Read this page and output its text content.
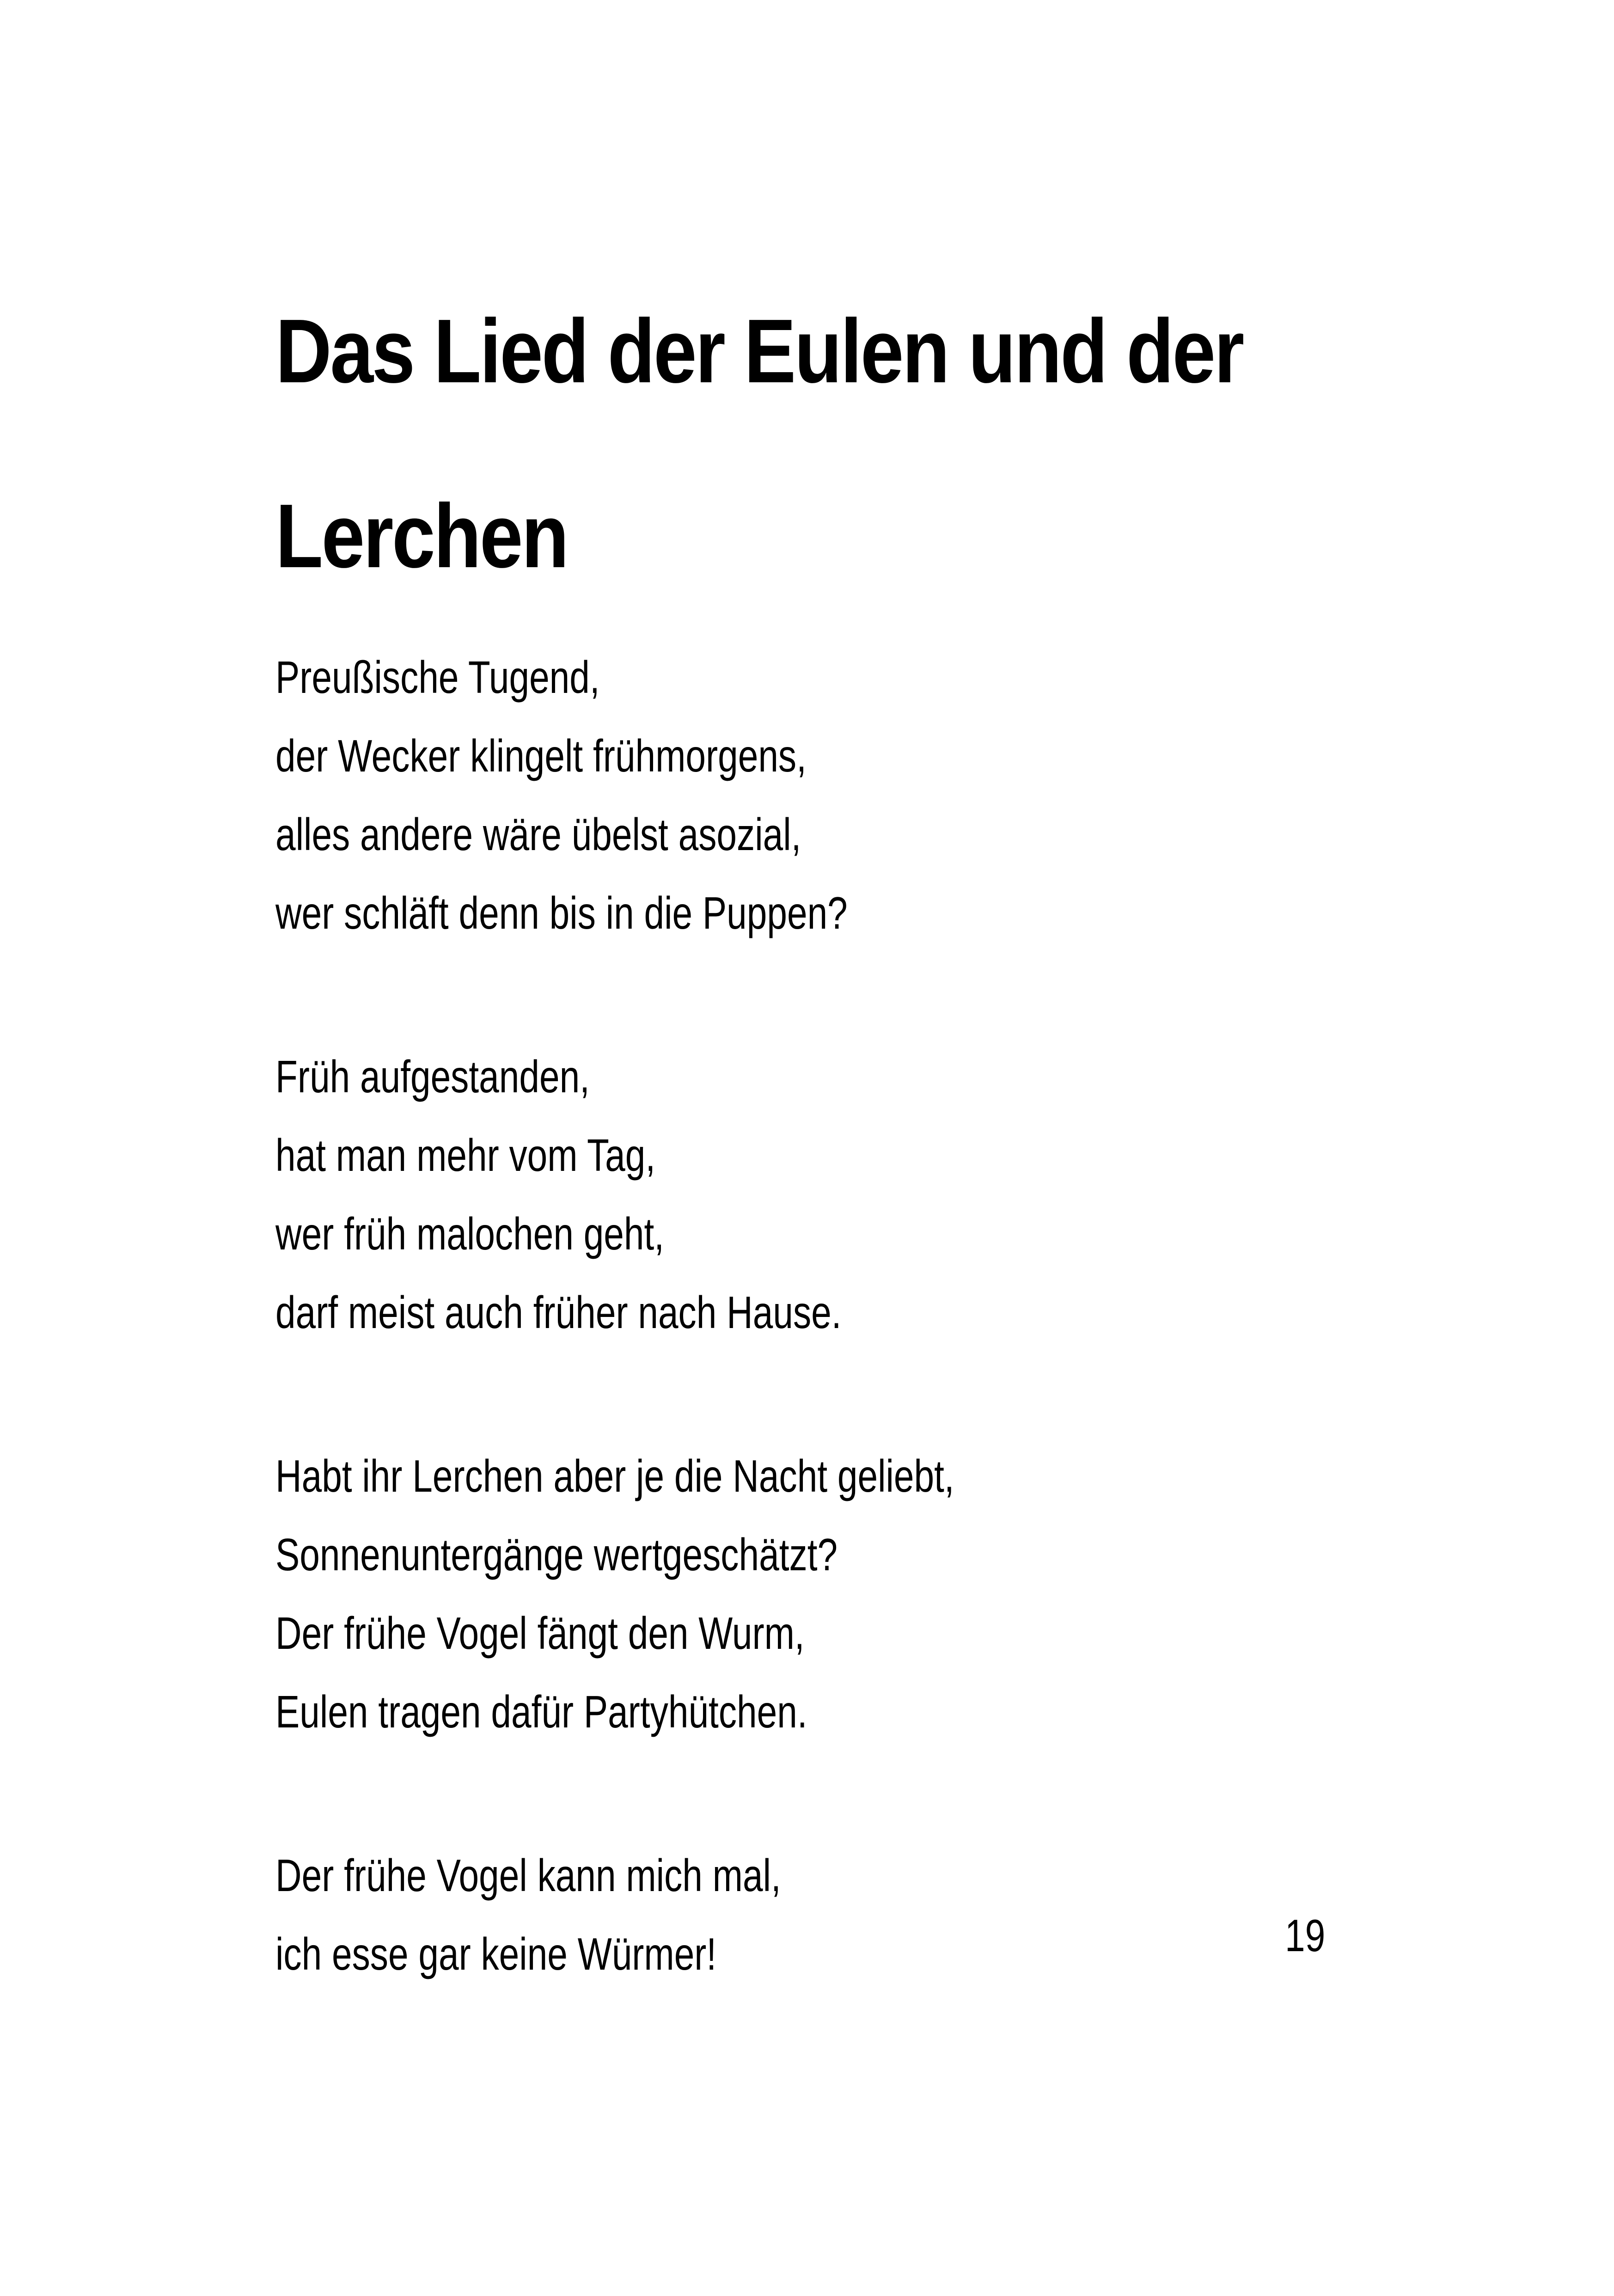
Das Lied der Eulen und der
Lerchen

Preußische Tugend,
der Wecker klingelt frühmorgens,
alles andere wäre übelst asozial,
wer schläft denn bis in die Puppen?

Früh aufgestanden,
hat man mehr vom Tag,
wer früh malochen geht,
darf meist auch früher nach Hause.

Habt ihr Lerchen aber je die Nacht geliebt,
Sonnenuntergänge wertgeschätzt?
Der frühe Vogel fängt den Wurm,
Eulen tragen dafür Partyhütchen.

Der frühe Vogel kann mich mal,
ich esse gar keine Würmer!	19
